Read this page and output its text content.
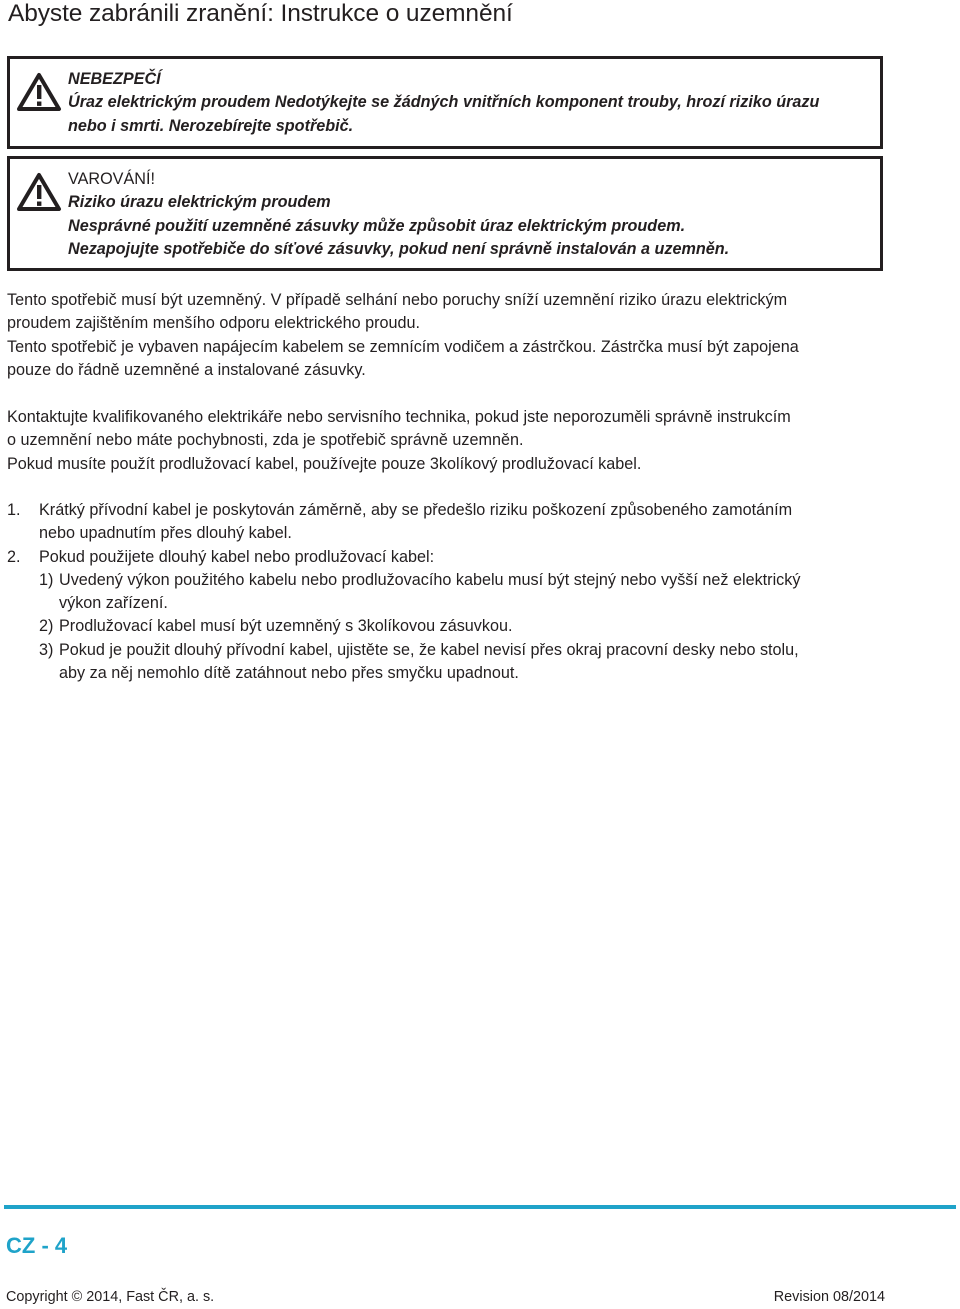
Abyste zabránili zranění: Instrukce o uzemnění
NEBEZPEČÍ
Úraz elektrickým proudem Nedotýkejte se žádných vnitřních komponent trouby, hrozí riziko úrazu
nebo i smrti. Nerozebírejte spotřebič.
VAROVÁNÍ!
Riziko úrazu elektrickým proudem
Nesprávné použití uzemněné zásuvky může způsobit úraz elektrickým proudem.
Nezapojujte spotřebiče do síťové zásuvky, pokud není správně instalován a uzemněn.
Tento spotřebič musí být uzemněný. V případě selhání nebo poruchy sníží uzemnění riziko úrazu elektrickým
proudem zajištěním menšího odporu elektrického proudu.
Tento spotřebič je vybaven napájecím kabelem se zemnícím vodičem a zástrčkou. Zástrčka musí být zapojena
pouze do řádně uzemněné a instalované zásuvky.
Kontaktujte kvalifikovaného elektrikáře nebo servisního technika, pokud jste neporozuměli správně instrukcím
o uzemnění nebo máte pochybnosti, zda je spotřebič správně uzemněn.
Pokud musíte použít prodlužovací kabel, používejte pouze 3kolíkový prodlužovací kabel.
1. Krátký přívodní kabel je poskytován záměrně, aby se předešlo riziku poškození způsobeného zamotáním
nebo upadnutím přes dlouhý kabel.
2. Pokud použijete dlouhý kabel nebo prodlužovací kabel:
1) Uvedený výkon použitého kabelu nebo prodlužovacího kabelu musí být stejný nebo vyšší než elektrický
výkon zařízení.
2) Prodlužovací kabel musí být uzemněný s 3kolíkovou zásuvkou.
3) Pokud je použit dlouhý přívodní kabel, ujistěte se, že kabel nevisí přes okraj pracovní desky nebo stolu,
aby za něj nemohlo dítě zatáhnout nebo přes smyčku upadnout.
CZ - 4
Copyright © 2014, Fast ČR, a. s.	Revision 08/2014
